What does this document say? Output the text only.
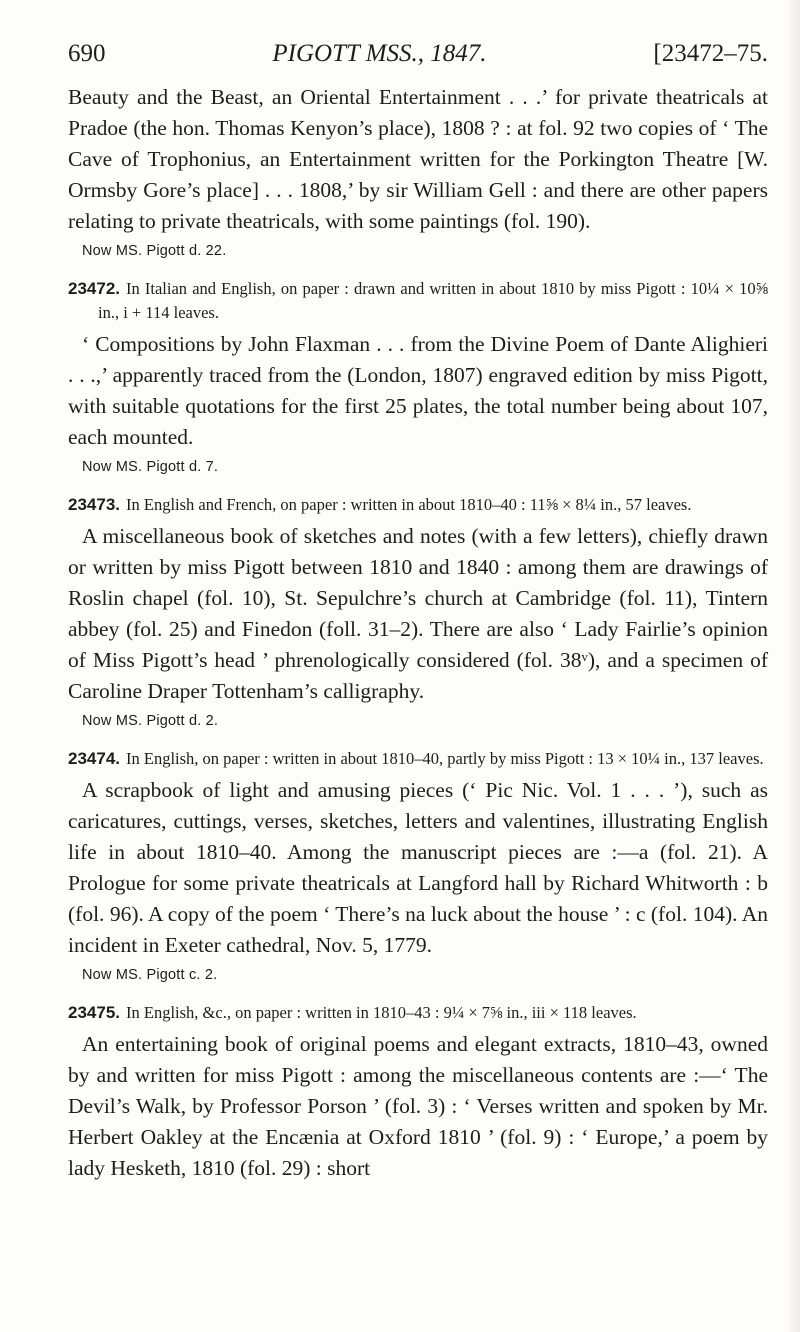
690	PIGOTT MSS., 1847.	[23472–75.

Beauty and the Beast, an Oriental Entertainment . . .’ for private theatricals at Pradoe (the hon. Thomas Kenyon’s place), 1808 ? : at fol. 92 two copies of ‘ The Cave of Trophonius, an Entertainment written for the Porkington Theatre [W. Ormsby Gore’s place] . . . 1808,’ by sir William Gell : and there are other papers relating to private theatricals, with some paintings (fol. 190).

Now MS. Pigott d. 22.

23472. In Italian and English, on paper : drawn and written in about 1810 by miss Pigott : 10¼ × 10⅝ in., i + 114 leaves.

‘ Compositions by John Flaxman . . . from the Divine Poem of Dante Alighieri . . .,’ apparently traced from the (London, 1807) engraved edition by miss Pigott, with suitable quotations for the first 25 plates, the total number being about 107, each mounted.

Now MS. Pigott d. 7.

23473. In English and French, on paper : written in about 1810–40 : 11⅝ × 8¼ in., 57 leaves.

A miscellaneous book of sketches and notes (with a few letters), chiefly drawn or written by miss Pigott between 1810 and 1840 : among them are drawings of Roslin chapel (fol. 10), St. Sepulchre’s church at Cambridge (fol. 11), Tintern abbey (fol. 25) and Finedon (foll. 31–2). There are also ‘ Lady Fairlie’s opinion of Miss Pigott’s head ’ phrenologically considered (fol. 38ᵛ), and a specimen of Caroline Draper Tottenham’s calligraphy.

Now MS. Pigott d. 2.

23474. In English, on paper : written in about 1810–40, partly by miss Pigott : 13 × 10¼ in., 137 leaves.

A scrapbook of light and amusing pieces (‘ Pic Nic. Vol. 1 . . . ’), such as caricatures, cuttings, verses, sketches, letters and valentines, illustrating English life in about 1810–40. Among the manuscript pieces are :—a (fol. 21). A Prologue for some private theatricals at Langford hall by Richard Whitworth : b (fol. 96). A copy of the poem ‘ There’s na luck about the house ’ : c (fol. 104). An incident in Exeter cathedral, Nov. 5, 1779.

Now MS. Pigott c. 2.

23475. In English, &c., on paper : written in 1810–43 : 9¼ × 7⅝ in., iii × 118 leaves.

An entertaining book of original poems and elegant extracts, 1810–43, owned by and written for miss Pigott : among the miscellaneous contents are :—‘ The Devil’s Walk, by Professor Porson ’ (fol. 3) : ‘ Verses written and spoken by Mr. Herbert Oakley at the Encænia at Oxford 1810 ’ (fol. 9) : ‘ Europe,’ a poem by lady Hesketh, 1810 (fol. 29) : short
